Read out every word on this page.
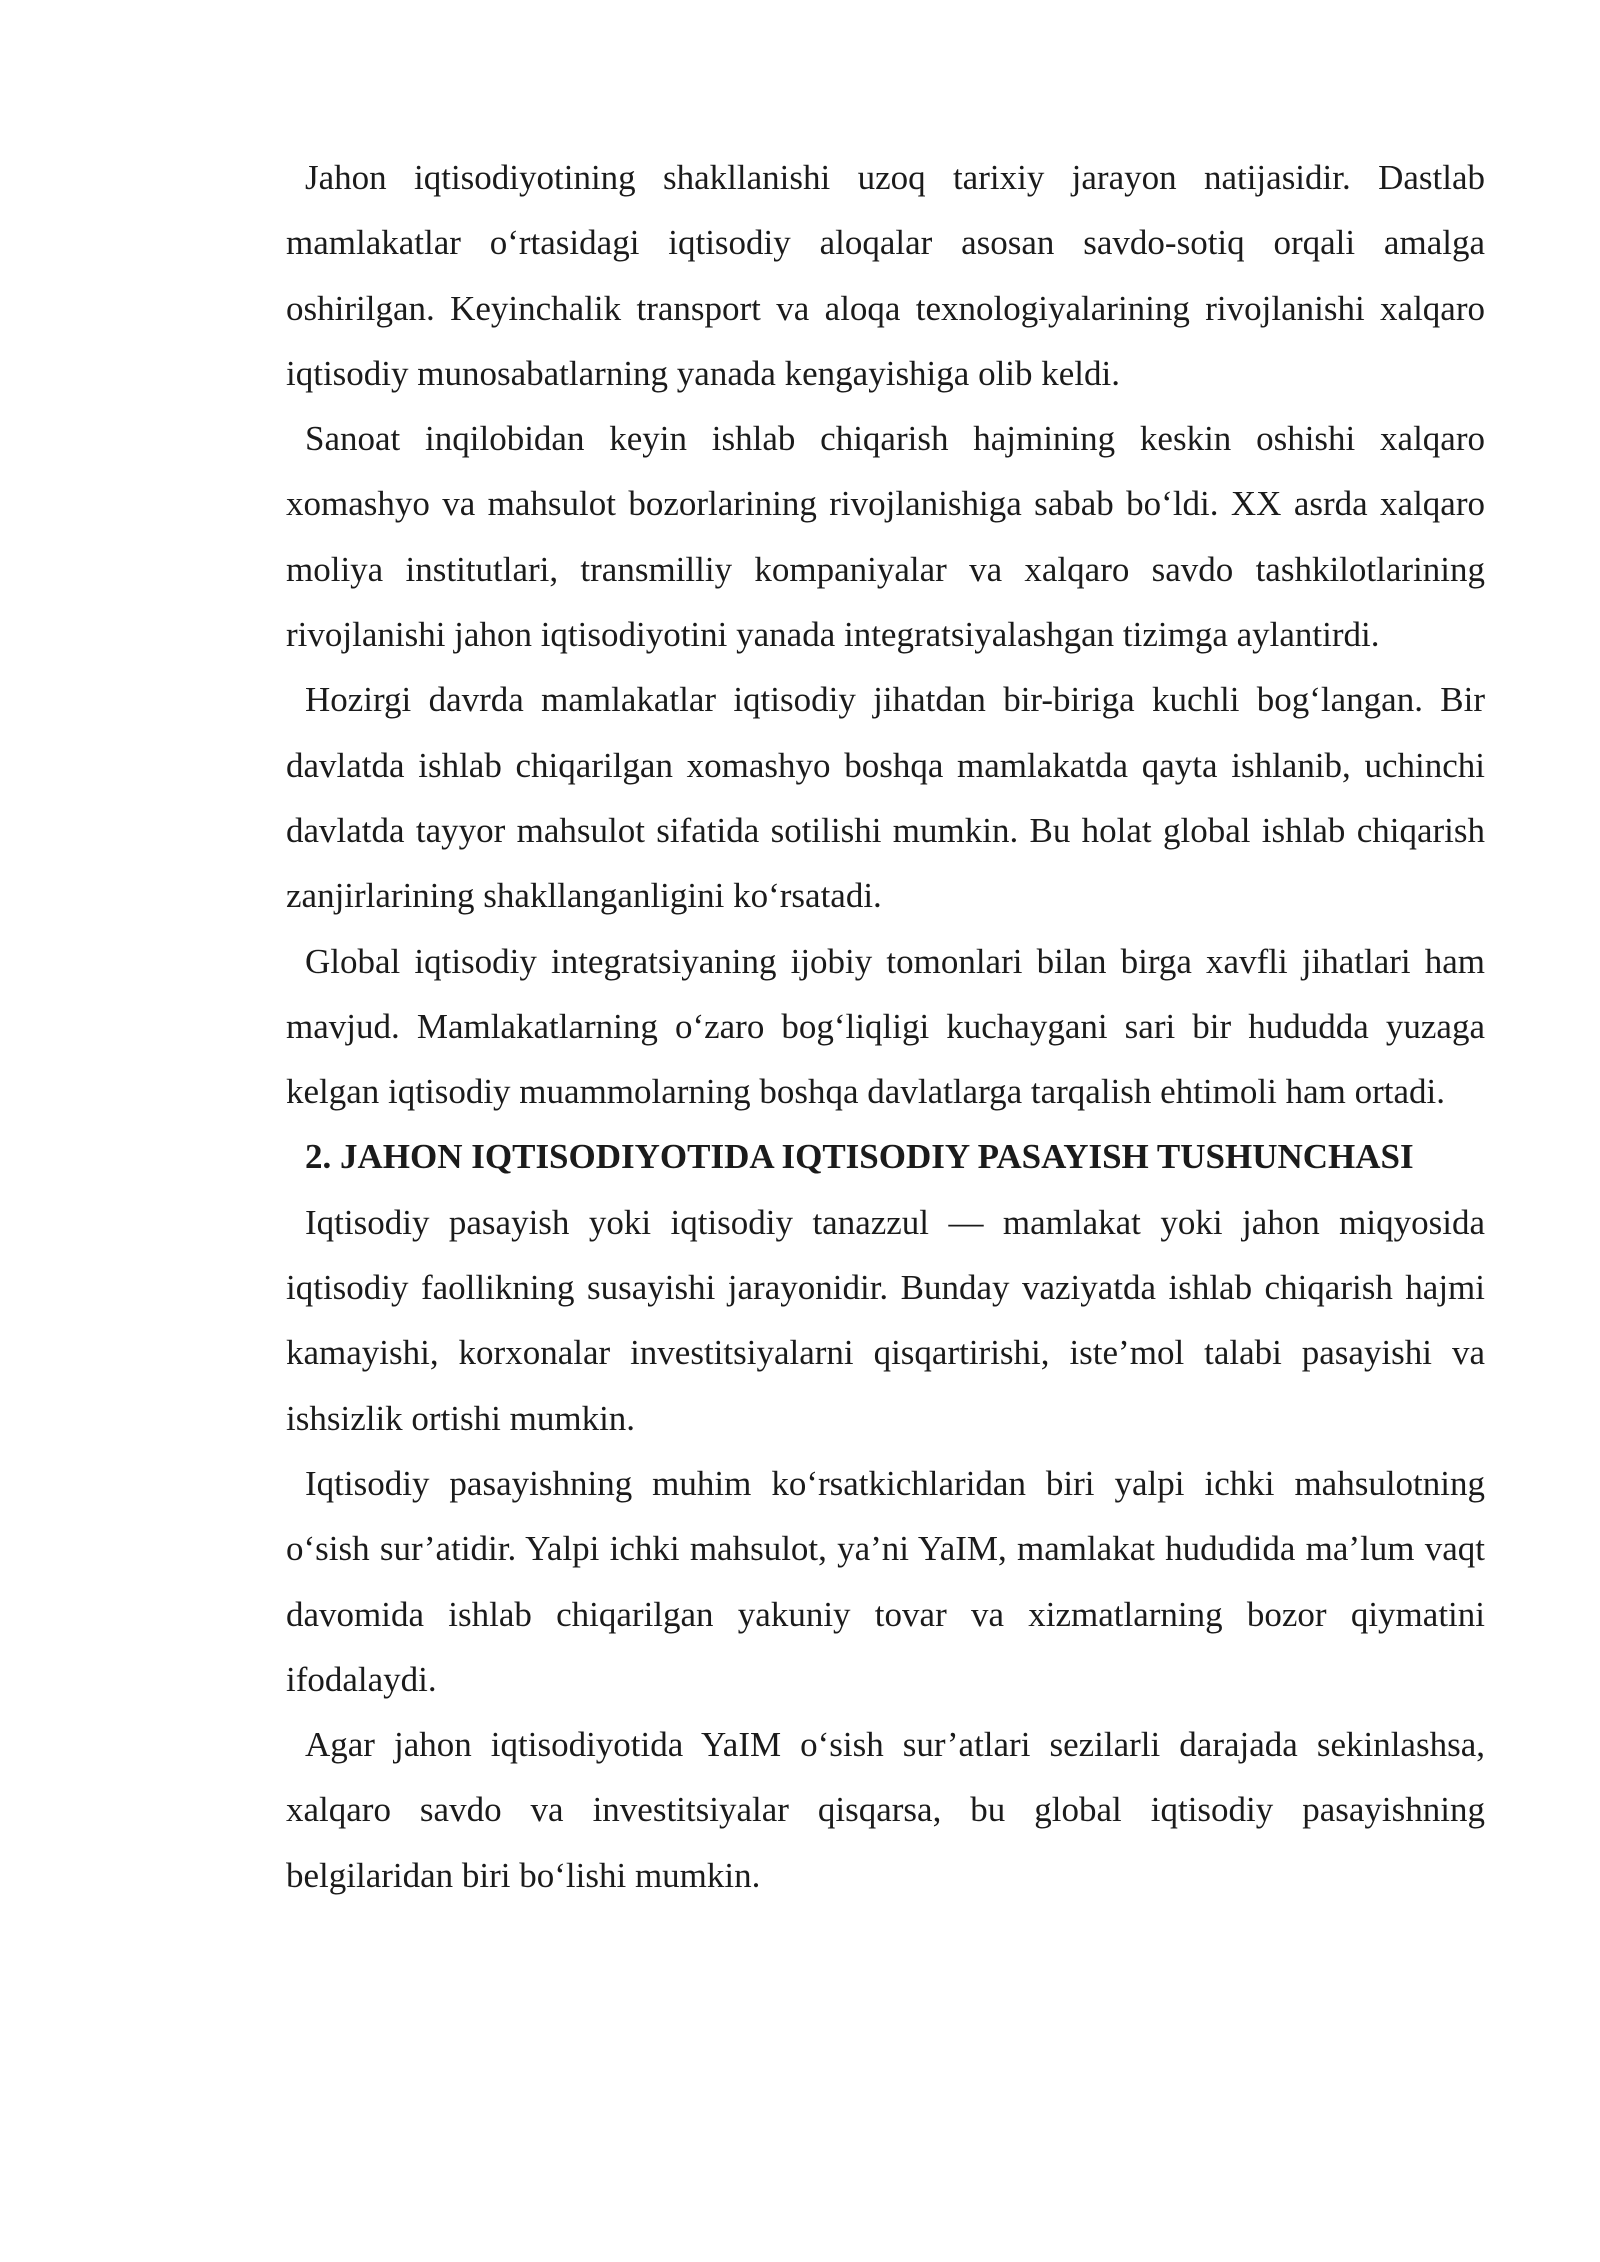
Jahon iqtisodiyotining shakllanishi uzoq tarixiy jarayon natijasidir. Dastlab mamlakatlar o‘rtasidagi iqtisodiy aloqalar asosan savdo-sotiq orqali amalga oshirilgan. Keyinchalik transport va aloqa texnologiyalarining rivojlanishi xalqaro iqtisodiy munosabatlarning yanada kengayishiga olib keldi.

Sanoat inqilobidan keyin ishlab chiqarish hajmining keskin oshishi xalqaro xomashyo va mahsulot bozorlarining rivojlanishiga sabab bo‘ldi. XX asrda xalqaro moliya institutlari, transmilliy kompaniyalar va xalqaro savdo tashkilotlarining rivojlanishi jahon iqtisodiyotini yanada integratsiyalashgan tizimga aylantirdi.

Hozirgi davrda mamlakatlar iqtisodiy jihatdan bir-biriga kuchli bog‘langan. Bir davlatda ishlab chiqarilgan xomashyo boshqa mamlakatda qayta ishlanib, uchinchi davlatda tayyor mahsulot sifatida sotilishi mumkin. Bu holat global ishlab chiqarish zanjirlarining shakllanganligini ko‘rsatadi.

Global iqtisodiy integratsiyaning ijobiy tomonlari bilan birga xavfli jihatlari ham mavjud. Mamlakatlarning o‘zaro bog‘liqligi kuchaygani sari bir hududda yuzaga kelgan iqtisodiy muammolarning boshqa davlatlarga tarqalish ehtimoli ham ortadi.

2. JAHON IQTISODIYOTIDA IQTISODIY PASAYISH TUSHUNCHASI

Iqtisodiy pasayish yoki iqtisodiy tanazzul — mamlakat yoki jahon miqyosida iqtisodiy faollikning susayishi jarayonidir. Bunday vaziyatda ishlab chiqarish hajmi kamayishi, korxonalar investitsiyalarni qisqartirishi, iste’mol talabi pasayishi va ishsizlik ortishi mumkin.

Iqtisodiy pasayishning muhim ko‘rsatkichlaridan biri yalpi ichki mahsulotning o‘sish sur’atidir. Yalpi ichki mahsulot, ya’ni YaIM, mamlakat hududida ma’lum vaqt davomida ishlab chiqarilgan yakuniy tovar va xizmatlarning bozor qiymatini ifodalaydi.

Agar jahon iqtisodiyotida YaIM o‘sish sur’atlari sezilarli darajada sekinlashsa, xalqaro savdo va investitsiyalar qisqarsa, bu global iqtisodiy pasayishning belgilaridan biri bo‘lishi mumkin.
